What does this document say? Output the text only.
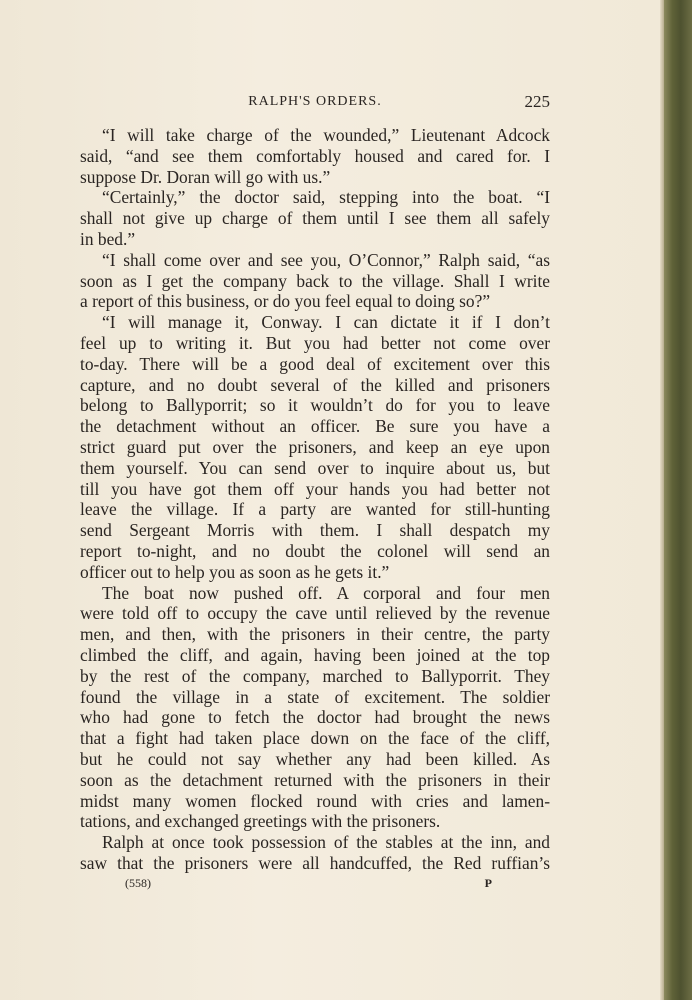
RALPH'S ORDERS.	225
“I will take charge of the wounded,” Lieutenant Adcock
said, “and see them comfortably housed and cared for. I
suppose Dr. Doran will go with us.”
“Certainly,” the doctor said, stepping into the boat. “I
shall not give up charge of them until I see them all safely
in bed.”
“I shall come over and see you, O’Connor,” Ralph said, “as
soon as I get the company back to the village. Shall I write
a report of this business, or do you feel equal to doing so?”
“I will manage it, Conway. I can dictate it if I don’t
feel up to writing it. But you had better not come over
to-day. There will be a good deal of excitement over this
capture, and no doubt several of the killed and prisoners
belong to Ballyporrit; so it wouldn’t do for you to leave
the detachment without an officer. Be sure you have a
strict guard put over the prisoners, and keep an eye upon
them yourself. You can send over to inquire about us, but
till you have got them off your hands you had better not
leave the village. If a party are wanted for still-hunting
send Sergeant Morris with them. I shall despatch my
report to-night, and no doubt the colonel will send an
officer out to help you as soon as he gets it.”
The boat now pushed off. A corporal and four men
were told off to occupy the cave until relieved by the revenue
men, and then, with the prisoners in their centre, the party
climbed the cliff, and again, having been joined at the top
by the rest of the company, marched to Ballyporrit. They
found the village in a state of excitement. The soldier
who had gone to fetch the doctor had brought the news
that a fight had taken place down on the face of the cliff,
but he could not say whether any had been killed. As
soon as the detachment returned with the prisoners in their
midst many women flocked round with cries and lamen-
tations, and exchanged greetings with the prisoners.
Ralph at once took possession of the stables at the inn, and
saw that the prisoners were all handcuffed, the Red ruffian’s
(558)	P
